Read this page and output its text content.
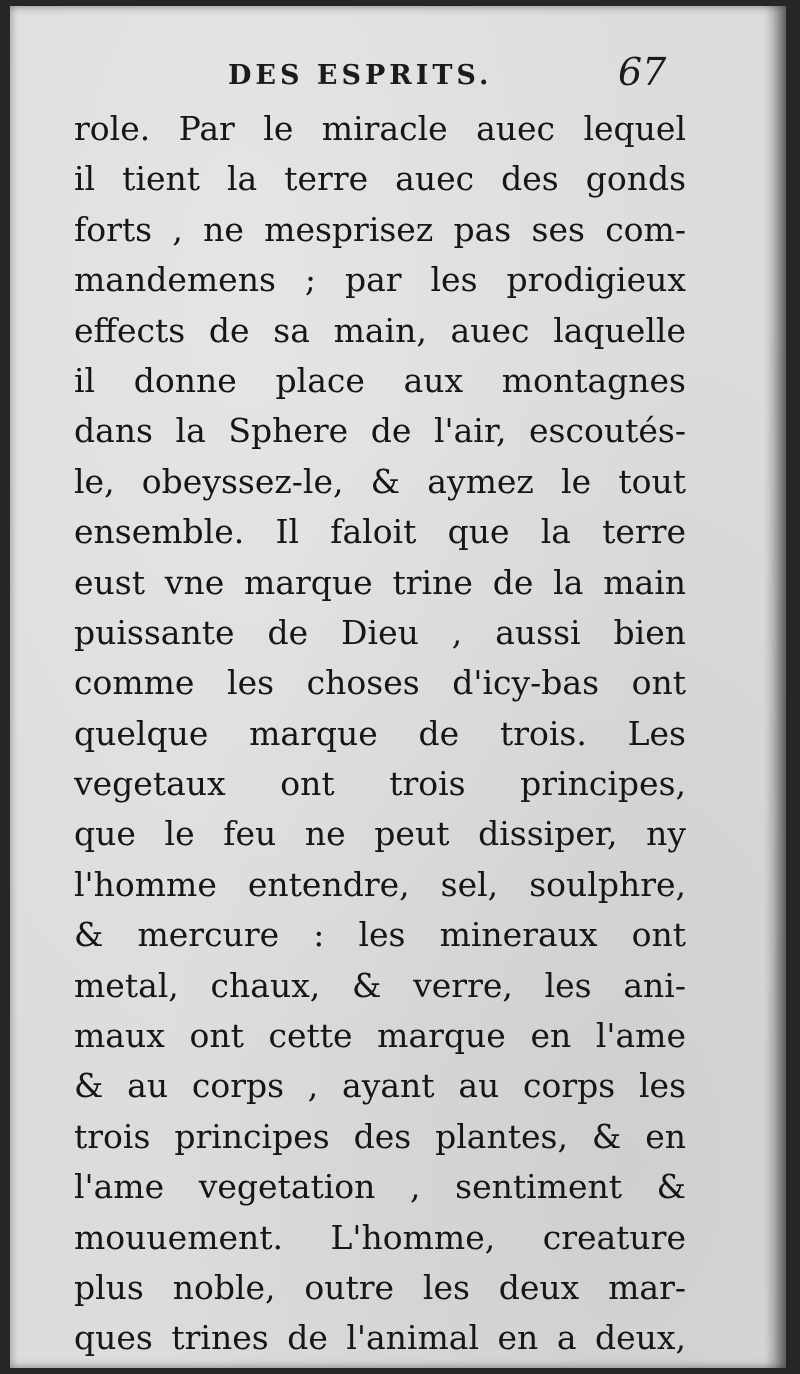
DES ESPRITS.	67
role. Par le miracle auec lequel
il tient la terre auec des gonds
forts , ne mesprisez pas ses com-
mandemens ; par les prodigieux
effects de sa main, auec laquelle
il donne place aux montagnes
dans la Sphere de l'air, escoutés-
le, obeyssez-le, & aymez le tout
ensemble. Il faloit que la terre
eust vne marque trine de la main
puissante de Dieu , aussi bien
comme les choses d'icy-bas ont
quelque marque de trois. Les
vegetaux ont trois principes,
que le feu ne peut dissiper, ny
l'homme entendre, sel, soulphre,
& mercure : les mineraux ont
metal, chaux, & verre, les ani-
maux ont cette marque en l'ame
& au corps , ayant au corps les
trois principes des plantes, & en
l'ame vegetation , sentiment &
mouuement. L'homme, creature
plus noble, outre les deux mar-
ques trines de l'animal en a deux,
